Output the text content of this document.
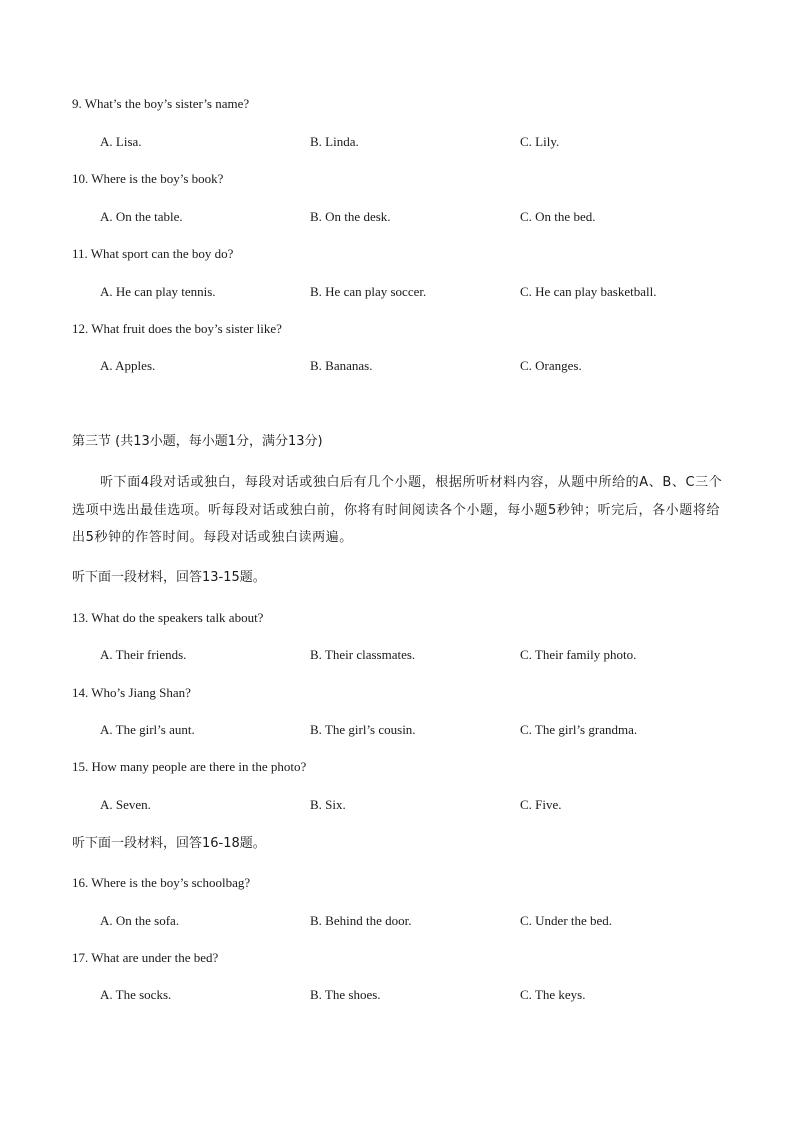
9. What’s the boy’s sister’s name?
A. Lisa.	B. Linda.	C. Lily.
10. Where is the boy’s book?
A. On the table.	B. On the desk.	C. On the bed.
11. What sport can the boy do?
A. He can play tennis.	B. He can play soccer.	C. He can play basketball.
12. What fruit does the boy’s sister like?
A. Apples.	B. Bananas.	C. Oranges.
第三节 (共13小题，每小题1分，满分13分)
听下面4段对话或独白，每段对话或独白后有几个小题，根据所听材料内容，从题中所给的A、B、C三个选项中选出最佳选项。听每段对话或独白前，你将有时间阅读各个小题，每小题5秒钟；听完后，各小题将给出5秒钟的作答时间。每段对话或独白读两遍。
听下面一段材料，回答13-15题。
13. What do the speakers talk about?
A. Their friends.	B. Their classmates.	C. Their family photo.
14. Who’s Jiang Shan?
A. The girl’s aunt.	B. The girl’s cousin.	C. The girl’s grandma.
15. How many people are there in the photo?
A. Seven.	B. Six.	C. Five.
听下面一段材料，回答16-18题。
16. Where is the boy’s schoolbag?
A. On the sofa.	B. Behind the door.	C. Under the bed.
17. What are under the bed?
A. The socks.	B. The shoes.	C. The keys.
